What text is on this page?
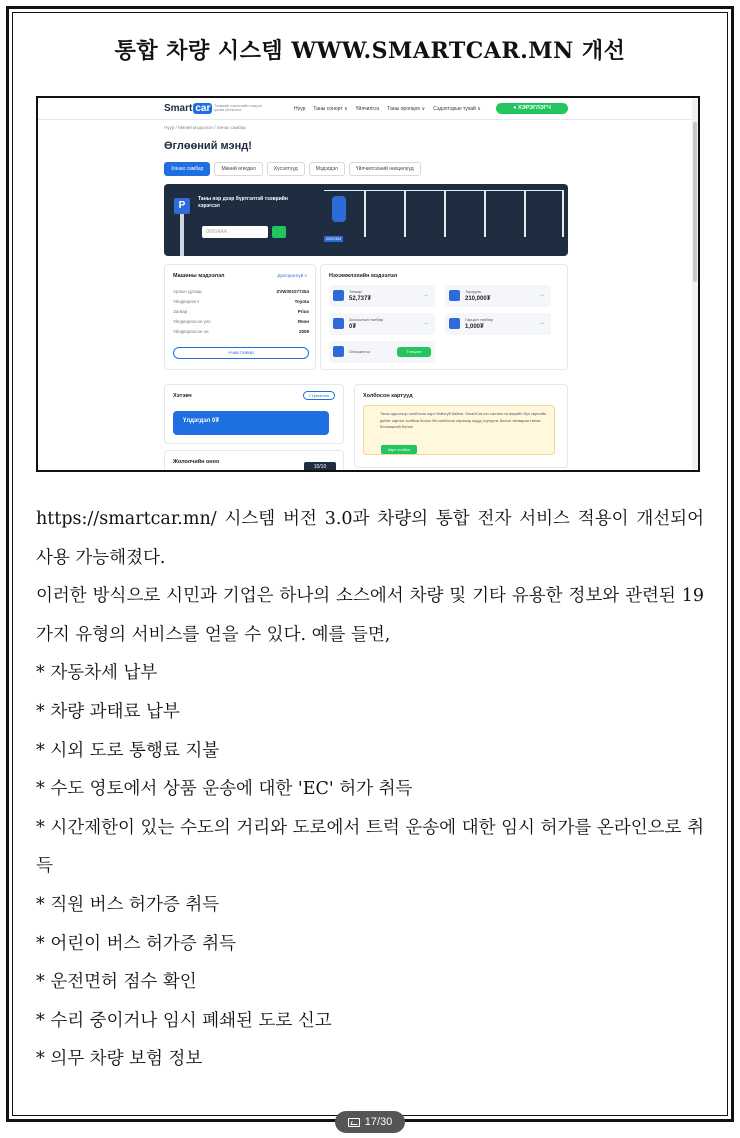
통합 차량 시스템 WWW.SMARTCAR.MN 개선
Smart car	Тээврийн хэрэгслийн нэгдсэн цахим үйлчилгээ	Нүүр Таны сонорт ∨ Үйлчилгээ Таны оролцоо ∨ Сэдэлтэрын тухай ∨	● ХЭРЭГЛЭГЧ
Нүүр / Миний мэдээлэл / Хянах самбар
Өглөөний мэнд!
Хянах самбар	Миний өгөгдөл	Хүсэлтүүд	Мэдэгдэл	Үйлчилгээний нөхцөлүүд
P
Таны нэр дээр бүртгэлтэй тээврийн хэрэгсэл
0000AAA
0001УБМ
Машины мэдээлэл	Дэлгэрэнгүй >
Арлын дугаар	ZVW301077254
Үйлдвэрлэгч	Toyota
Загвар	Prius
Үйлдвэрлэсэн улс	Япон
Үйлдвэрлэсэн он	2009
Ачаа тээвэр
Нэхэмжлэхийн мэдээлэл
Татвар
52,737₮
→
Торгууль
210,000₮
→
Зогсоолын төлбөр
0₮
→
Гарцын төлбөр
1,000₮
→
Оношилгоо	Тэнцсэн
Хэтэвч	+ Цэнэглэх
Үлдэгдэл 0₮
Холбосон картууд
Таны одоогоор холбосон карт байхгүй байна. SmartCar.mn систем та өөрийн бүх төрлийн дебит картыг холбож болох ба холбосон картаар шууд торгууль болон татвараа төлөх боломжтой болно
Карт холбох
Жолоочийн оноо
10/10

https://smartcar.mn/ 시스템 버전 3.0과 차량의 통합 전자 서비스 적용이 개선되어 사용 가능해졌다.

이러한 방식으로 시민과 기업은 하나의 소스에서 차량 및 기타 유용한 정보와 관련된 19가지 유형의 서비스를 얻을 수 있다. 예를 들면,

* 자동차세 납부
* 차량 과태료 납부
* 시외 도로 통행료 지불
* 수도 영토에서 상품 운송에 대한 'EC' 허가 취득
* 시간제한이 있는 수도의 거리와 도로에서 트럭 운송에 대한 임시 허가를 온라인으로 취득
* 직원 버스 허가증 취득
* 어린이 버스 허가증 취득
* 운전면허 점수 확인
* 수리 중이거나 임시 폐쇄된 도로 신고
* 의무 차량 보험 정보
17/30
